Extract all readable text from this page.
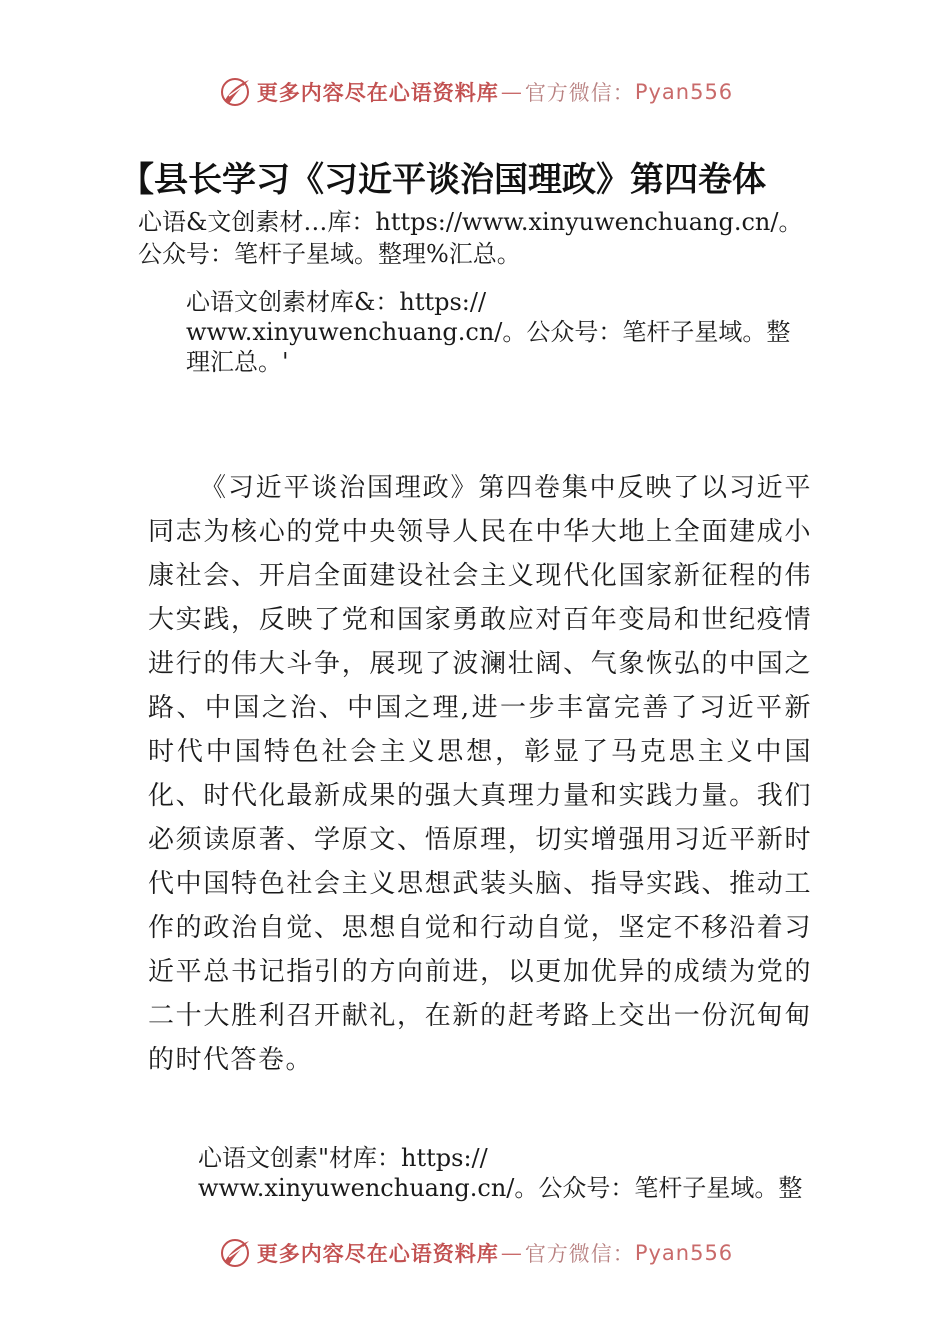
更多内容尽在心语资料库 — 官方微信： Pyan556
【县长学习《习近平谈治国理政》第四卷体
心语&文创素材…库：https://www.xinyuwenchuang.cn/。
公众号：笔杆子星域。整理%汇总。
心语文创素材库&：https://
www.xinyuwenchuang.cn/。公众号：笔杆子星域。整
理汇总。'
《习近平谈治国理政》第四卷集中反映了以习近平同志为核心的党中央领导人民在中华大地上全面建成小康社会、开启全面建设社会主义现代化国家新征程的伟大实践，反映了党和国家勇敢应对百年变局和世纪疫情进行的伟大斗争，展现了波澜壮阔、气象恢弘的中国之路、中国之治、中国之理,进一步丰富完善了习近平新时代中国特色社会主义思想，彰显了马克思主义中国化、时代化最新成果的强大真理力量和实践力量。我们必须读原著、学原文、悟原理，切实增强用习近平新时代中国特色社会主义思想武装头脑、指导实践、推动工作的政治自觉、思想自觉和行动自觉，坚定不移沿着习近平总书记指引的方向前进，以更加优异的成绩为党的二十大胜利召开献礼，在新的赶考路上交出一份沉甸甸的时代答卷。
心语文创素"材库：https://
www.xinyuwenchuang.cn/。公众号：笔杆子星域。整
更多内容尽在心语资料库 — 官方微信： Pyan556
